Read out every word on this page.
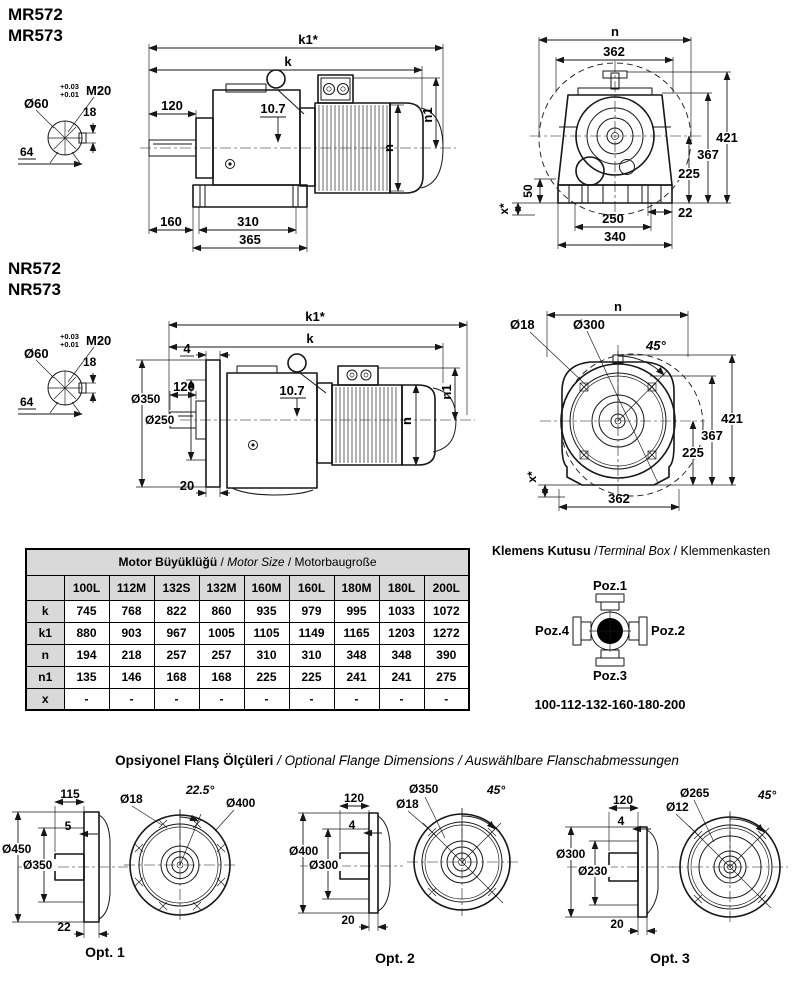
MR572
MR573
+0.03
+0.01
Ø60
M20
18
64
k1*
k
120	10.7
n
n1
160	310
365
n
362
421
367
225
50
x*	22
250
340
NR572
NR573
+0.03
+0.01
Ø60
M20
18
64
k1*
k
4
Ø350
Ø250
120	10.7
20
n
n1
45°
Ø300
Ø18
n
421
367
225
x*
362
Motor Büyüklüğü / Motor Size / Motorbaugroße									
	100L	112M	132S	132M	160M	160L	180M	180L	200L
k	745	768	822	860	935	979	995	1033	1072
k1	880	903	967	1005	1105	1149	1165	1203	1272
n	194	218	257	257	310	310	348	348	390
n1	135	146	168	168	225	225	241	241	275
x	-	-	-	-	-	-	-	-	-
Klemens Kutusu /Terminal Box / Klemmenkasten
Poz.1
Poz.4	Poz.2
Poz.3
100-112-132-160-180-200
Opsiyonel Flanş Ölçüleri / Optional Flange Dimensions / Auswählbare Flanschabmessungen
115
5
Ø450
Ø350
22
Ø18
22.5°
Ø400
Opt. 1
120
4
Ø400
Ø300
20
Ø350
Ø18
45°
Opt. 2
120
4
Ø300
Ø230
20
Ø265
Ø12
45°
Opt. 3
